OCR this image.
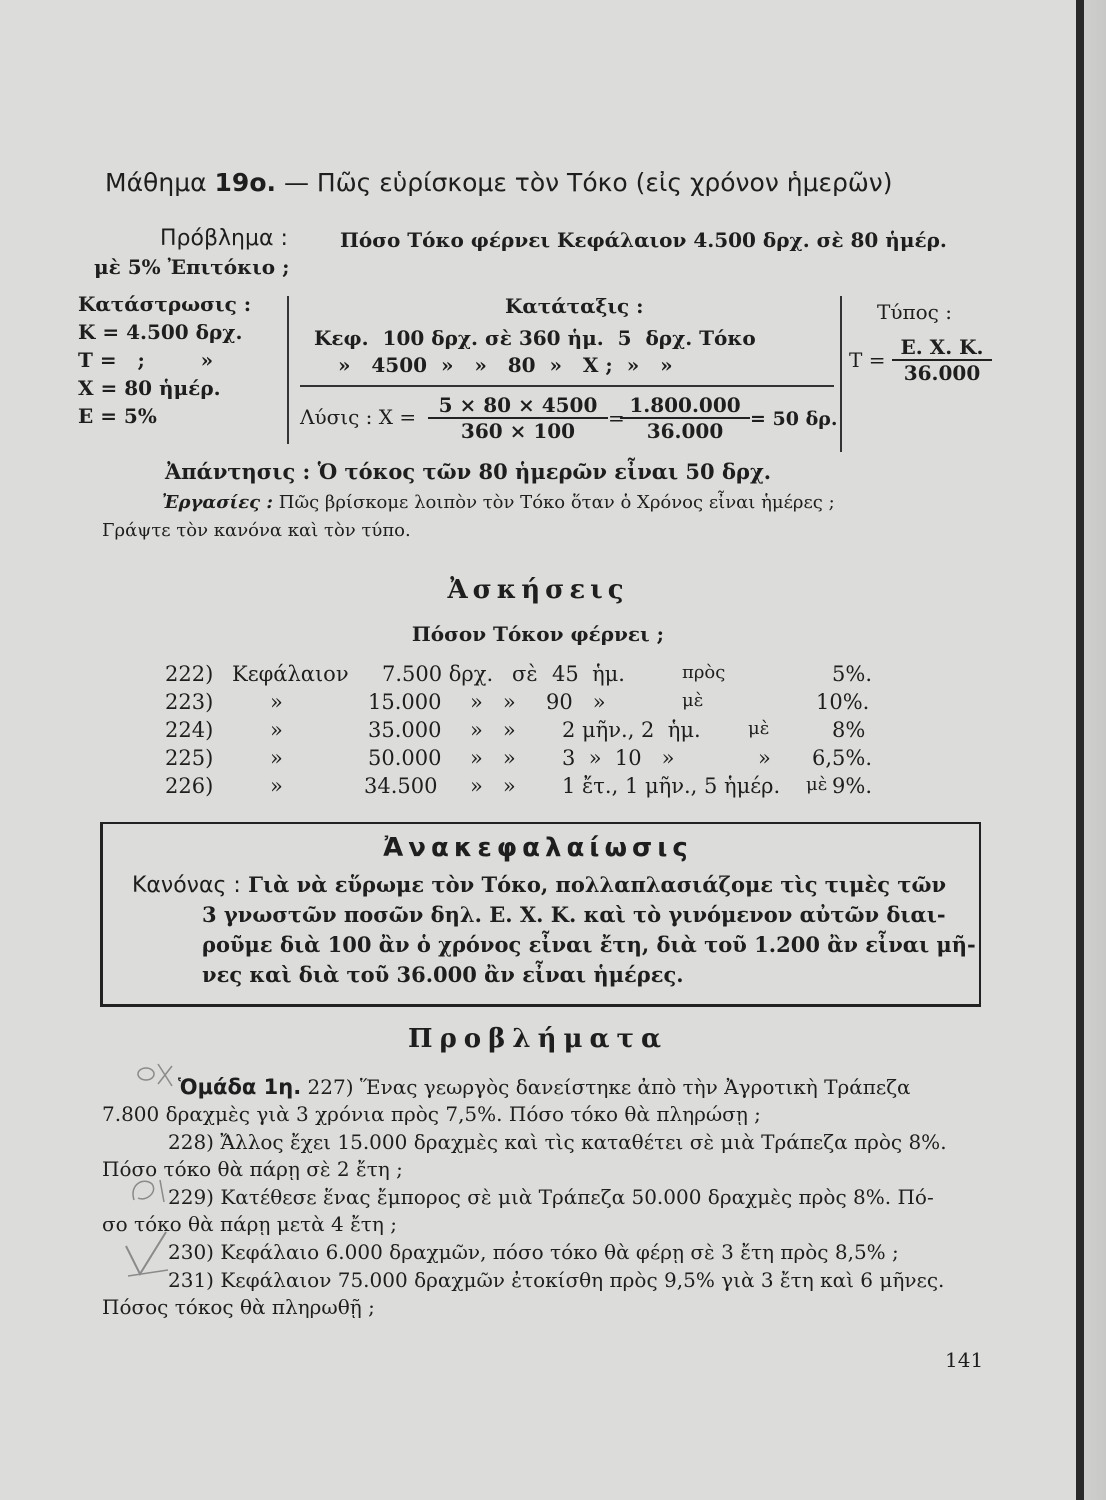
Μάθημα 19ο. — Πῶς εὑρίσκομε τὸν Τόκο (εἰς χρόνον ἡμερῶν)
Πρόβλημα :	Πόσο Τόκο φέρνει Κεφάλαιον 4.500 δρχ. σὲ 80 ἡμέρ.
μὲ 5% Ἐπιτόκιο ;
Κατάστρωσις :
K = 4.500 δρχ.
T =   ;        »
X = 80 ἡμέρ.
E = 5%
Κατάταξις :
Κεφ.  100 δρχ. σὲ 360 ἡμ.  5  δρχ. Τόκο
»   4500  »   »   80  »   X ;  »   »
Λύσις : $X = \frac{5 \times 80 \times 4500}{360 \times 100}$ =
$\frac{1.800.000}{36.000} = 50$ δρ.
Τύπος :
$T = \frac{E. X. K.}{36.000}$
Ἀπάντησις : Ὁ τόκος τῶν 80 ἡμερῶν εἶναι 50 δρχ.
Ἐργασίες : Πῶς βρίσκομε λοιπὸν τὸν Τόκο ὅταν ὁ Χρόνος εἶναι ἡμέρες ;
Γράψτε τὸν κανόνα καὶ τὸν τύπο.
Ἀσκήσεις
Πόσον Τόκον φέρνει ;
222) Κεφάλαιον 7.500 δρχ. σὲ 45  ἡμ.	πρὸς	5%.
223)	»	15.000 »   » 90   »	μὲ	10%.
224)	»	35.000 »   » 2 μῆν., 2  ἡμ.	μὲ	8%
225)	»	50.000 »   » 3  »  10   »	» 6,5%.
226)	»	34.500 »   » 1 ἔτ., 1 μῆν., 5 ἡμέρ. μὲ 9%.
Ἀνακεφαλαίωσις
Κανόνας : Γιὰ νὰ εὕρωμε τὸν Τόκο, πολλαπλασιάζομε τὶς τιμὲς τῶν
3 γνωστῶν ποσῶν δηλ. E. X. K. καὶ τὸ γινόμενον αὐτῶν διαι-
ροῦμε διὰ 100 ἂν ὁ χρόνος εἶναι ἔτη, διὰ τοῦ 1.200 ἂν εἶναι μῆ-
νες καὶ διὰ τοῦ 36.000 ἂν εἶναι ἡμέρες.
Προβλήματα
Ὁμάδα 1η. 227) Ἕνας γεωργὸς δανείστηκε ἀπὸ τὴν Ἀγροτικὴ Τράπεζα
7.800 δραχμὲς γιὰ 3 χρόνια πρὸς 7,5%. Πόσο τόκο θὰ πληρώσῃ ;
228) Ἄλλος ἔχει 15.000 δραχμὲς καὶ τὶς καταθέτει σὲ μιὰ Τράπεζα πρὸς 8%.
Πόσο τόκο θὰ πάρῃ σὲ 2 ἔτη ;
229) Κατέθεσε ἕνας ἔμπορος σὲ μιὰ Τράπεζα 50.000 δραχμὲς πρὸς 8%. Πό-
σο τόκο θὰ πάρῃ μετὰ 4 ἔτη ;
230) Κεφάλαιο 6.000 δραχμῶν, πόσο τόκο θὰ φέρῃ σὲ 3 ἔτη πρὸς 8,5% ;
231) Κεφάλαιον 75.000 δραχμῶν ἐτοκίσθη πρὸς 9,5% γιὰ 3 ἔτη καὶ 6 μῆνες.
Πόσος τόκος θὰ πληρωθῇ ;
141
